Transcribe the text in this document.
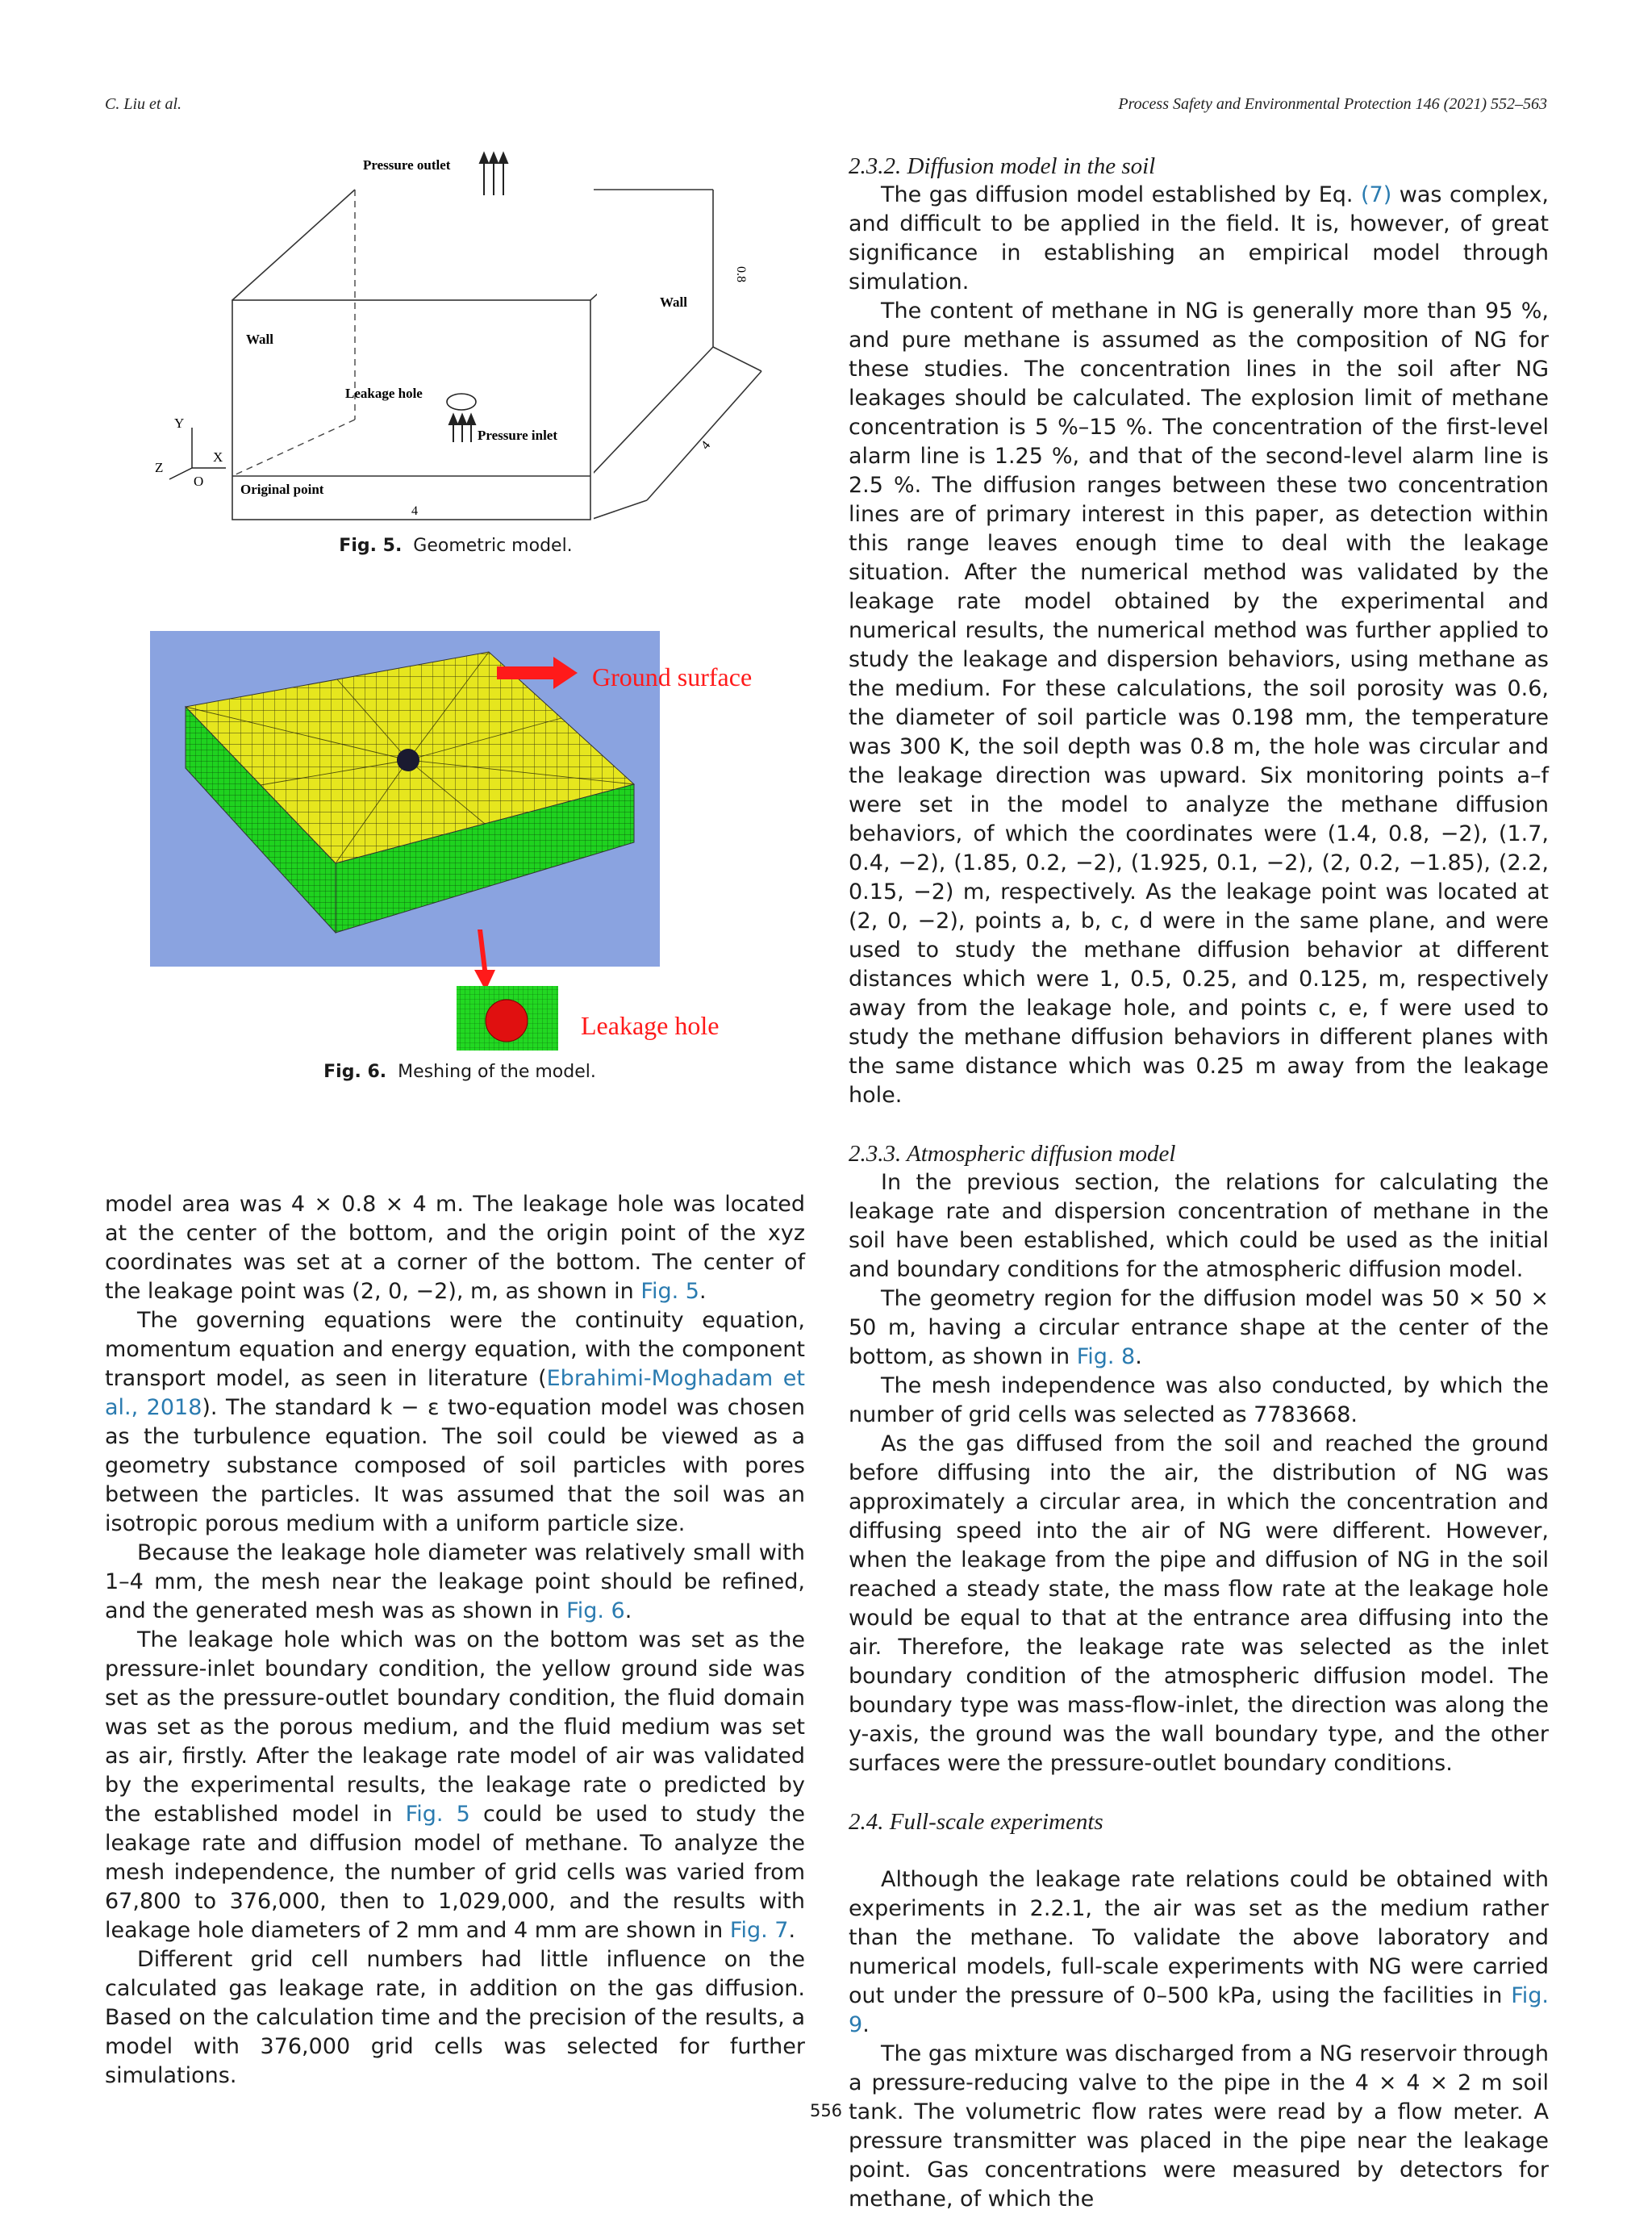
C. Liu et al.	Process Safety and Environmental Protection 146 (2021) 552–563
Pressure outlet
Wall
Leakage hole
Pressure inlet
Original point
4
Y
X
Z
O
Wall
0.8
4
Fig. 5. Geometric model.
Ground surface
Leakage hole
Fig. 6. Meshing of the model.

model area was 4 × 0.8 × 4 m. The leakage hole was located at the center of the bottom, and the origin point of the xyz coordinates was set at a corner of the bottom. The center of the leakage point was (2, 0, −2), m, as shown in Fig. 5.

The governing equations were the continuity equation, momentum equation and energy equation, with the component transport model, as seen in literature (Ebrahimi-Moghadam et al., 2018). The standard k − ε two-equation model was chosen as the turbulence equation. The soil could be viewed as a geometry substance composed of soil particles with pores between the particles. It was assumed that the soil was an isotropic porous medium with a uniform particle size.

Because the leakage hole diameter was relatively small with 1–4 mm, the mesh near the leakage point should be refined, and the generated mesh was as shown in Fig. 6.

The leakage hole which was on the bottom was set as the pressure-inlet boundary condition, the yellow ground side was set as the pressure-outlet boundary condition, the fluid domain was set as the porous medium, and the fluid medium was set as air, firstly. After the leakage rate model of air was validated by the experimental results, the leakage rate o predicted by the established model in Fig. 5 could be used to study the leakage rate and diffusion model of methane. To analyze the mesh independence, the number of grid cells was varied from 67,800 to 376,000, then to 1,029,000, and the results with leakage hole diameters of 2 mm and 4 mm are shown in Fig. 7.

Different grid cell numbers had little influence on the calculated gas leakage rate, in addition on the gas diffusion. Based on the calculation time and the precision of the results, a model with 376,000 grid cells was selected for further simulations.

2.3.2. Diffusion model in the soil

The gas diffusion model established by Eq. (7) was complex, and difficult to be applied in the field. It is, however, of great significance in establishing an empirical model through simulation.

The content of methane in NG is generally more than 95 %, and pure methane is assumed as the composition of NG for these studies. The concentration lines in the soil after NG leakages should be calculated. The explosion limit of methane concentration is 5 %–15 %. The concentration of the first-level alarm line is 1.25 %, and that of the second-level alarm line is 2.5 %. The diffusion ranges between these two concentration lines are of primary interest in this paper, as detection within this range leaves enough time to deal with the leakage situation. After the numerical method was validated by the leakage rate model obtained by the experimental and numerical results, the numerical method was further applied to study the leakage and dispersion behaviors, using methane as the medium. For these calculations, the soil porosity was 0.6, the diameter of soil particle was 0.198 mm, the temperature was 300 K, the soil depth was 0.8 m, the hole was circular and the leakage direction was upward. Six monitoring points a–f were set in the model to analyze the methane diffusion behaviors, of which the coordinates were (1.4, 0.8, −2), (1.7, 0.4, −2), (1.85, 0.2, −2), (1.925, 0.1, −2), (2, 0.2, −1.85), (2.2, 0.15, −2) m, respectively. As the leakage point was located at (2, 0, −2), points a, b, c, d were in the same plane, and were used to study the methane diffusion behavior at different distances which were 1, 0.5, 0.25, and 0.125, m, respectively away from the leakage hole, and points c, e, f were used to study the methane diffusion behaviors in different planes with the same distance which was 0.25 m away from the leakage hole.

2.3.3. Atmospheric diffusion model

In the previous section, the relations for calculating the leakage rate and dispersion concentration of methane in the soil have been established, which could be used as the initial and boundary conditions for the atmospheric diffusion model.

The geometry region for the diffusion model was 50 × 50 × 50 m, having a circular entrance shape at the center of the bottom, as shown in Fig. 8.

The mesh independence was also conducted, by which the number of grid cells was selected as 7783668.

As the gas diffused from the soil and reached the ground before diffusing into the air, the distribution of NG was approximately a circular area, in which the concentration and diffusing speed into the air of NG were different. However, when the leakage from the pipe and diffusion of NG in the soil reached a steady state, the mass flow rate at the leakage hole would be equal to that at the entrance area diffusing into the air. Therefore, the leakage rate was selected as the inlet boundary condition of the atmospheric diffusion model. The boundary type was mass-flow-inlet, the direction was along the y-axis, the ground was the wall boundary type, and the other surfaces were the pressure-outlet boundary conditions.

2.4. Full-scale experiments

Although the leakage rate relations could be obtained with experiments in 2.2.1, the air was set as the medium rather than the methane. To validate the above laboratory and numerical models, full-scale experiments with NG were carried out under the pressure of 0–500 kPa, using the facilities in Fig. 9.

The gas mixture was discharged from a NG reservoir through a pressure-reducing valve to the pipe in the 4 × 4 × 2 m soil tank. The volumetric flow rates were read by a flow meter. A pressure transmitter was placed in the pipe near the leakage point. Gas concentrations were measured by detectors for methane, of which the

556
